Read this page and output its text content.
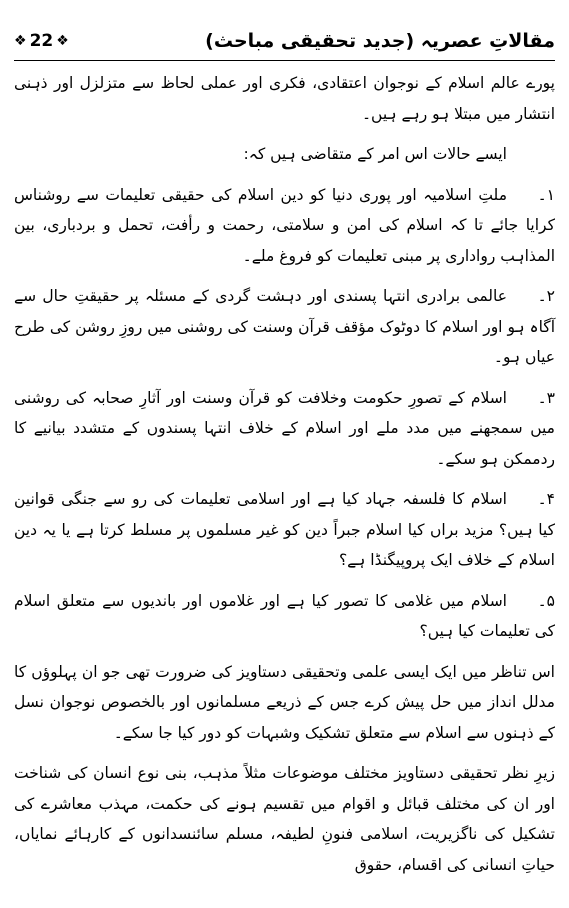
مقالاتِ عصریہ (جدید تحقیقی مباحث)
❖ 22 ❖

پورے عالم اسلام کے نوجوان اعتقادی، فکری اور عملی لحاظ سے متزلزل اور ذہنی انتشار میں مبتلا ہو رہے ہیں۔

ایسے حالات اس امر کے متقاضی ہیں کہ:

۱۔ملتِ اسلامیہ اور پوری دنیا کو دین اسلام کی حقیقی تعلیمات سے روشناس کرایا جائے تا کہ اسلام کی امن و سلامتی، رحمت و رأفت، تحمل و بردباری، بین المذاہب رواداری پر مبنی تعلیمات کو فروغ ملے۔

۲۔عالمی برادری انتہا پسندی اور دہشت گردی کے مسئلہ پر حقیقتِ حال سے آگاہ ہو اور اسلام کا دوٹوک مؤقف قرآن وسنت کی روشنی میں روزِ روشن کی طرح عیاں ہو۔

۳۔اسلام کے تصورِ حکومت وخلافت کو قرآن وسنت اور آثارِ صحابہ کی روشنی میں سمجھنے میں مدد ملے اور اسلام کے خلاف انتہا پسندوں کے متشدد بیانیے کا ردممکن ہو سکے۔

۴۔اسلام کا فلسفہ جہاد کیا ہے اور اسلامی تعلیمات کی رو سے جنگی قوانین کیا ہیں؟ مزید براں کیا اسلام جبراً دین کو غیر مسلموں پر مسلط کرتا ہے یا یہ دین اسلام کے خلاف ایک پروپیگنڈا ہے؟

۵۔اسلام میں غلامی کا تصور کیا ہے اور غلاموں اور باندیوں سے متعلق اسلام کی تعلیمات کیا ہیں؟

اس تناظر میں ایک ایسی علمی وتحقیقی دستاویز کی ضرورت تھی جو ان پہلوؤں کا مدلل انداز میں حل پیش کرے جس کے ذریعے مسلمانوں اور بالخصوص نوجوان نسل کے ذہنوں سے اسلام سے متعلق تشکیک وشبہات کو دور کیا جا سکے۔

زیرِ نظر تحقیقی دستاویز مختلف موضوعات مثلاً مذہب، بنی نوع انسان کی شناخت اور ان کی مختلف قبائل و اقوام میں تقسیم ہونے کی حکمت، مہذب معاشرے کی تشکیل کی ناگزیریت، اسلامی فنونِ لطیفہ، مسلم سائنسدانوں کے کارہائے نمایاں، حیاتِ انسانی کی اقسام، حقوق
